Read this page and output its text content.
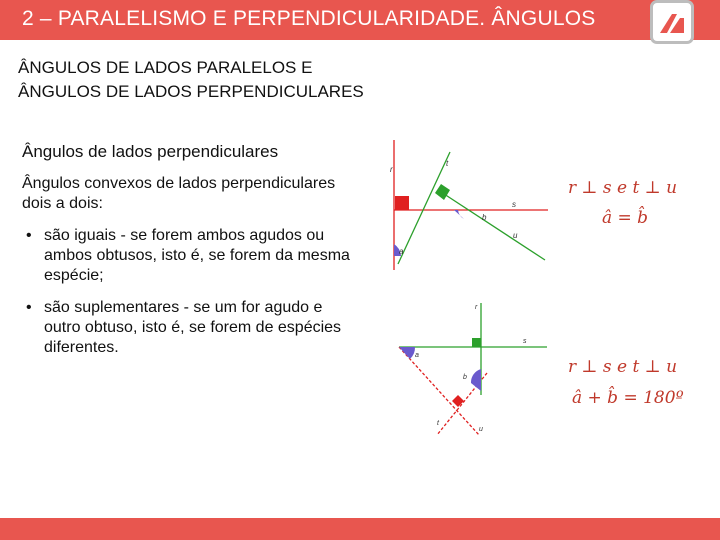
2 – PARALELISMO E PERPENDICULARIDADE. ÂNGULOS
ÂNGULOS DE LADOS PARALELOS E
ÂNGULOS DE LADOS PERPENDICULARES
Ângulos de lados perpendiculares
Ângulos convexos de lados perpendiculares dois a dois:
• são iguais - se forem ambos agudos ou ambos obtusos, isto é, se forem da mesma espécie;
• são suplementares - se um for agudo e outro obtuso, isto é, se forem de espécies diferentes.
r
t
s
u
a
b
r
s
a
b
t
u
r ⊥ s e t ⊥ u
â = b̂
r ⊥ s e t ⊥ u
â + b̂ = 180º
